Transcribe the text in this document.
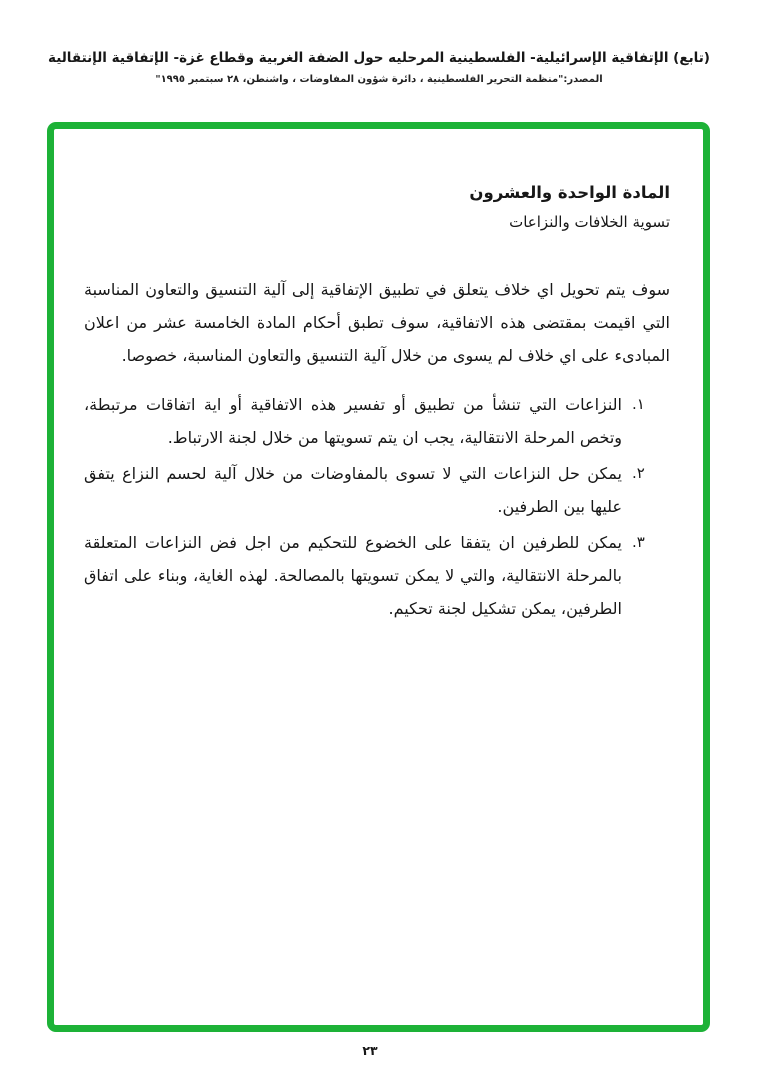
(تابع) الإتفاقية الإسرائيلية- الفلسطينية المرحليه حول الضفة الغربية وقطاع غزة- الإتفاقية الإنتقالية
المصدر:"منظمة التحرير الفلسطينية ، دائرة شؤون المفاوضات ، واشنطن، ٢٨ سبتمبر ١٩٩٥"
المادة الواحدة والعشرون
تسوية الخلافات والنزاعات

سوف يتم تحويل اي خلاف يتعلق في تطبيق الإتفاقية إلى آلية التنسيق والتعاون المناسبة التي اقيمت بمقتضى هذه الاتفاقية، سوف تطبق أحكام المادة الخامسة عشر من اعلان المبادىء على اي خلاف لم يسوى من خلال آلية التنسيق والتعاون المناسبة، خصوصا.

١.
النزاعات التي تنشأ من تطبيق أو تفسير هذه الاتفاقية أو اية اتفاقات مرتبطة، وتخص المرحلة الانتقالية، يجب ان يتم تسويتها من خلال لجنة الارتباط.
٢.
يمكن حل النزاعات التي لا تسوى بالمفاوضات من خلال آلية لحسم النزاع يتفق عليها بين الطرفين.
٣.
يمكن للطرفين ان يتفقا على الخضوع للتحكيم من اجل فض النزاعات المتعلقة بالمرحلة الانتقالية، والتي لا يمكن تسويتها بالمصالحة. لهذه الغاية، وبناء على اتفاق الطرفين، يمكن تشكيل لجنة تحكيم.
٢٣
